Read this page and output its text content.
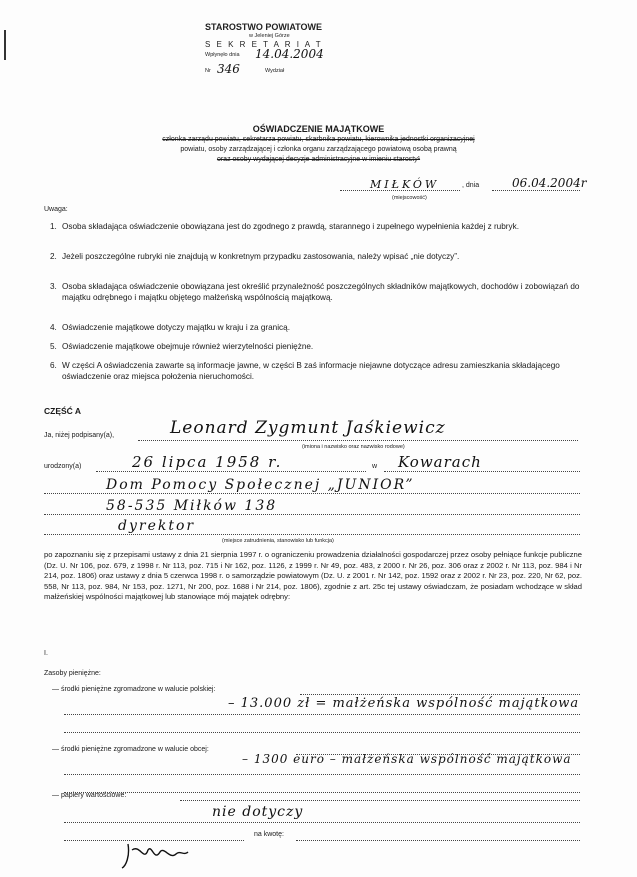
STAROSTWO POWIATOWE
w Jeleniej Górze
S E K R E T A R I A T
Wpłynęło dnia 14.04.2004
Nr 346	Wydział
OŚWIADCZENIE MAJĄTKOWE
członka zarządu powiatu, sekretarza powiatu, skarbnika powiatu, kierownika jednostki organizacyjnej
powiatu, osoby zarządzającej i członka organu zarządzającego powiatową osobą prawną
oraz osoby wydającej decyzje administracyjne w imieniu starosty¹
MIŁKÓW	, dnia	06.04.2004r
(miejscowość)
Uwaga:
1. Osoba składająca oświadczenie obowiązana jest do zgodnego z prawdą, starannego i zupełnego wypełnienia każdej z rubryk.
2. Jeżeli poszczególne rubryki nie znajdują w konkretnym przypadku zastosowania, należy wpisać „nie dotyczy”.
3. Osoba składająca oświadczenie obowiązana jest określić przynależność poszczególnych składników majątkowych, dochodów i zobowiązań do majątku odrębnego i majątku objętego małżeńską wspólnością majątkową.
4. Oświadczenie majątkowe dotyczy majątku w kraju i za granicą.
5. Oświadczenie majątkowe obejmuje również wierzytelności pieniężne.
6. W części A oświadczenia zawarte są informacje jawne, w części B zaś informacje niejawne dotyczące adresu zamieszkania składającego oświadczenie oraz miejsca położenia nieruchomości.
CZĘŚĆ A
Ja, niżej podpisany(a),	Leonard Zygmunt Jaśkiewicz
(imiona i nazwisko oraz nazwisko rodowe)
urodzony(a)	26 lipca 1958 r.	w Kowarach
Dom Pomocy Społecznej „JUNIOR”
58-535 Miłków 138
dyrektor
(miejsce zatrudnienia, stanowisko lub funkcja)
po zapoznaniu się z przepisami ustawy z dnia 21 sierpnia 1997 r. o ograniczeniu prowadzenia działalności gospodarczej przez osoby pełniące funkcje publiczne (Dz. U. Nr 106, poz. 679, z 1998 r. Nr 113, poz. 715 i Nr 162, poz. 1126, z 1999 r. Nr 49, poz. 483, z 2000 r. Nr 26, poz. 306 oraz z 2002 r. Nr 113, poz. 984 i Nr 214, poz. 1806) oraz ustawy z dnia 5 czerwca 1998 r. o samorządzie powiatowym (Dz. U. z 2001 r. Nr 142, poz. 1592 oraz z 2002 r. Nr 23, poz. 220, Nr 62, poz. 558, Nr 113, poz. 984, Nr 153, poz. 1271, Nr 200, poz. 1688 i Nr 214, poz. 1806), zgodnie z art. 25c tej ustawy oświadczam, że posiadam wchodzące w skład małżeńskiej wspólności majątkowej lub stanowiące mój majątek odrębny:
I.
Zasoby pieniężne:
— środki pieniężne zgromadzone w walucie polskiej:
– 13.000 zł = małżeńska wspólność majątkowa
— środki pieniężne zgromadzone w walucie obcej:
– 1300 euro – małżeńska wspólność majątkowa
— papiery wartościowe:
nie dotyczy
na kwotę:
